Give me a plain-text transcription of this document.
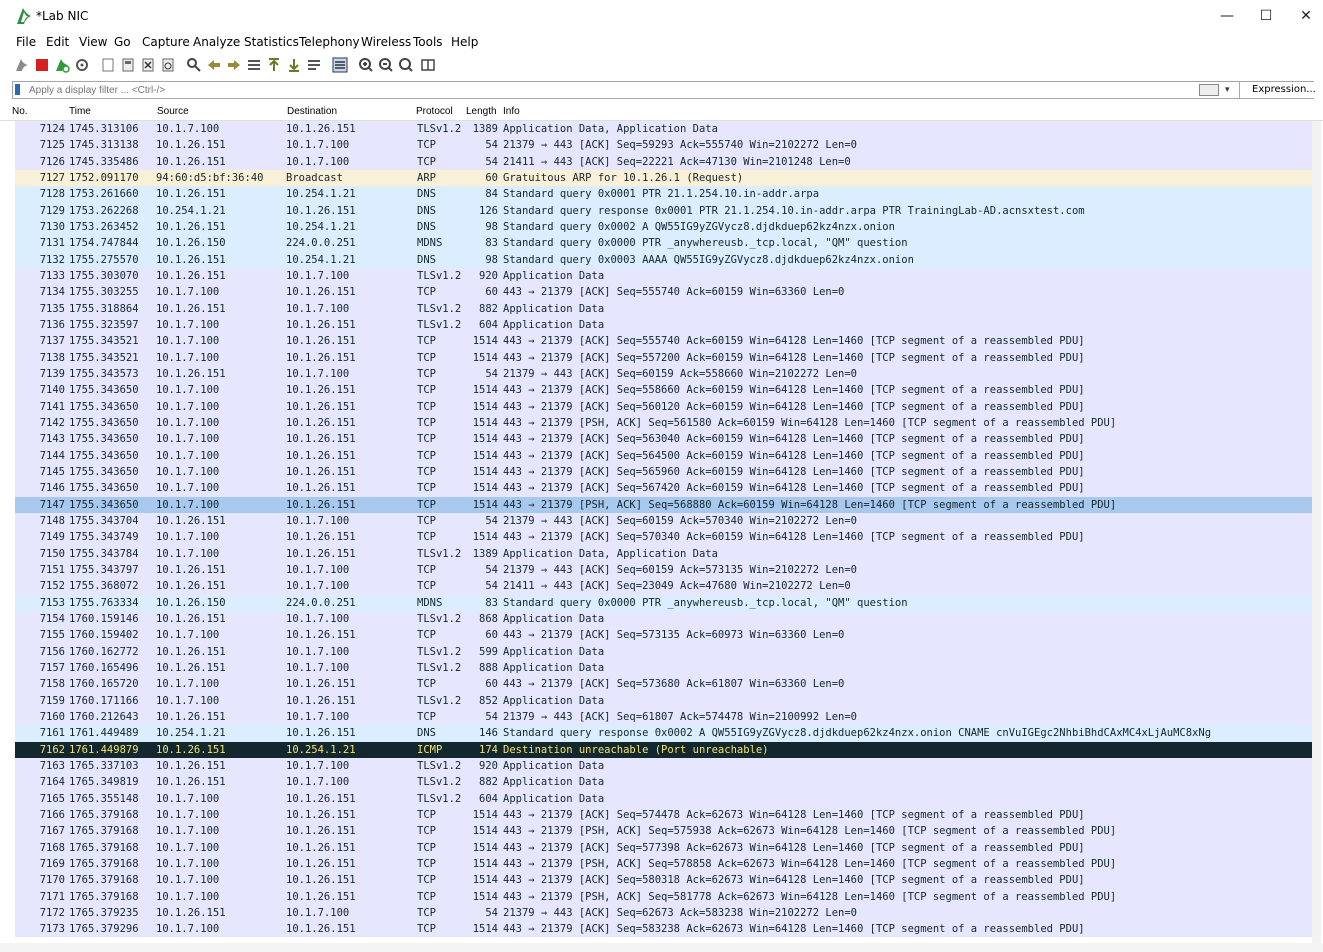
*Lab NIC	—	☐	✕
File Edit View Go Capture Analyze Statistics Telephony Wireless Tools Help
Apply a display filter ... <Ctrl-/>
▾	Expression...
No.	Time	Source	Destination	Protocol Length Info
7124 1745.313106 10.1.7.100	10.1.26.151	TLSv1.2	1389 Application Data, Application Data
7125 1745.313138 10.1.26.151	10.1.7.100	TCP	54 21379 → 443 [ACK] Seq=59293 Ack=555740 Win=2102272 Len=0
7126 1745.335486 10.1.26.151	10.1.7.100	TCP	54 21411 → 443 [ACK] Seq=22221 Ack=47130 Win=2101248 Len=0
7127 1752.091170 94:60:d5:bf:36:40 Broadcast	ARP	60 Gratuitous ARP for 10.1.26.1 (Request)
7128 1753.261660 10.1.26.151	10.254.1.21	DNS	84 Standard query 0x0001 PTR 21.1.254.10.in-addr.arpa
7129 1753.262268 10.254.1.21	10.1.26.151	DNS	126 Standard query response 0x0001 PTR 21.1.254.10.in-addr.arpa PTR TrainingLab-AD.acnsxtest.com
7130 1753.263452 10.1.26.151	10.254.1.21	DNS	98 Standard query 0x0002 A QW55IG9yZGVycz8.djdkduep62kz4nzx.onion
7131 1754.747844 10.1.26.150	224.0.0.251	MDNS	83 Standard query 0x0000 PTR _anywhereusb._tcp.local, "QM" question
7132 1755.275570 10.1.26.151	10.254.1.21	DNS	98 Standard query 0x0003 AAAA QW55IG9yZGVycz8.djdkduep62kz4nzx.onion
7133 1755.303070 10.1.26.151	10.1.7.100	TLSv1.2	920 Application Data
7134 1755.303255 10.1.7.100	10.1.26.151	TCP	60 443 → 21379 [ACK] Seq=555740 Ack=60159 Win=63360 Len=0
7135 1755.318864 10.1.26.151	10.1.7.100	TLSv1.2	882 Application Data
7136 1755.323597 10.1.7.100	10.1.26.151	TLSv1.2	604 Application Data
7137 1755.343521 10.1.7.100	10.1.26.151	TCP	1514 443 → 21379 [ACK] Seq=555740 Ack=60159 Win=64128 Len=1460 [TCP segment of a reassembled PDU]
7138 1755.343521 10.1.7.100	10.1.26.151	TCP	1514 443 → 21379 [ACK] Seq=557200 Ack=60159 Win=64128 Len=1460 [TCP segment of a reassembled PDU]
7139 1755.343573 10.1.26.151	10.1.7.100	TCP	54 21379 → 443 [ACK] Seq=60159 Ack=558660 Win=2102272 Len=0
7140 1755.343650 10.1.7.100	10.1.26.151	TCP	1514 443 → 21379 [ACK] Seq=558660 Ack=60159 Win=64128 Len=1460 [TCP segment of a reassembled PDU]
7141 1755.343650 10.1.7.100	10.1.26.151	TCP	1514 443 → 21379 [ACK] Seq=560120 Ack=60159 Win=64128 Len=1460 [TCP segment of a reassembled PDU]
7142 1755.343650 10.1.7.100	10.1.26.151	TCP	1514 443 → 21379 [PSH, ACK] Seq=561580 Ack=60159 Win=64128 Len=1460 [TCP segment of a reassembled PDU]
7143 1755.343650 10.1.7.100	10.1.26.151	TCP	1514 443 → 21379 [ACK] Seq=563040 Ack=60159 Win=64128 Len=1460 [TCP segment of a reassembled PDU]
7144 1755.343650 10.1.7.100	10.1.26.151	TCP	1514 443 → 21379 [ACK] Seq=564500 Ack=60159 Win=64128 Len=1460 [TCP segment of a reassembled PDU]
7145 1755.343650 10.1.7.100	10.1.26.151	TCP	1514 443 → 21379 [ACK] Seq=565960 Ack=60159 Win=64128 Len=1460 [TCP segment of a reassembled PDU]
7146 1755.343650 10.1.7.100	10.1.26.151	TCP	1514 443 → 21379 [ACK] Seq=567420 Ack=60159 Win=64128 Len=1460 [TCP segment of a reassembled PDU]
7147 1755.343650 10.1.7.100	10.1.26.151	TCP	1514 443 → 21379 [PSH, ACK] Seq=568880 Ack=60159 Win=64128 Len=1460 [TCP segment of a reassembled PDU]
7148 1755.343704 10.1.26.151	10.1.7.100	TCP	54 21379 → 443 [ACK] Seq=60159 Ack=570340 Win=2102272 Len=0
7149 1755.343749 10.1.7.100	10.1.26.151	TCP	1514 443 → 21379 [ACK] Seq=570340 Ack=60159 Win=64128 Len=1460 [TCP segment of a reassembled PDU]
7150 1755.343784 10.1.7.100	10.1.26.151	TLSv1.2	1389 Application Data, Application Data
7151 1755.343797 10.1.26.151	10.1.7.100	TCP	54 21379 → 443 [ACK] Seq=60159 Ack=573135 Win=2102272 Len=0
7152 1755.368072 10.1.26.151	10.1.7.100	TCP	54 21411 → 443 [ACK] Seq=23049 Ack=47680 Win=2102272 Len=0
7153 1755.763334 10.1.26.150	224.0.0.251	MDNS	83 Standard query 0x0000 PTR _anywhereusb._tcp.local, "QM" question
7154 1760.159146 10.1.26.151	10.1.7.100	TLSv1.2	868 Application Data
7155 1760.159402 10.1.7.100	10.1.26.151	TCP	60 443 → 21379 [ACK] Seq=573135 Ack=60973 Win=63360 Len=0
7156 1760.162772 10.1.26.151	10.1.7.100	TLSv1.2	599 Application Data
7157 1760.165496 10.1.26.151	10.1.7.100	TLSv1.2	888 Application Data
7158 1760.165720 10.1.7.100	10.1.26.151	TCP	60 443 → 21379 [ACK] Seq=573680 Ack=61807 Win=63360 Len=0
7159 1760.171166 10.1.7.100	10.1.26.151	TLSv1.2	852 Application Data
7160 1760.212643 10.1.26.151	10.1.7.100	TCP	54 21379 → 443 [ACK] Seq=61807 Ack=574478 Win=2100992 Len=0
7161 1761.449489 10.254.1.21	10.1.26.151	DNS	146 Standard query response 0x0002 A QW55IG9yZGVycz8.djdkduep62kz4nzx.onion CNAME cnVuIGEgc2NhbiBhdCAxMC4xLjAuMC8xNg
7162 1761.449879 10.1.26.151	10.254.1.21	ICMP	174 Destination unreachable (Port unreachable)
7163 1765.337103 10.1.26.151	10.1.7.100	TLSv1.2	920 Application Data
7164 1765.349819 10.1.26.151	10.1.7.100	TLSv1.2	882 Application Data
7165 1765.355148 10.1.7.100	10.1.26.151	TLSv1.2	604 Application Data
7166 1765.379168 10.1.7.100	10.1.26.151	TCP	1514 443 → 21379 [ACK] Seq=574478 Ack=62673 Win=64128 Len=1460 [TCP segment of a reassembled PDU]
7167 1765.379168 10.1.7.100	10.1.26.151	TCP	1514 443 → 21379 [PSH, ACK] Seq=575938 Ack=62673 Win=64128 Len=1460 [TCP segment of a reassembled PDU]
7168 1765.379168 10.1.7.100	10.1.26.151	TCP	1514 443 → 21379 [ACK] Seq=577398 Ack=62673 Win=64128 Len=1460 [TCP segment of a reassembled PDU]
7169 1765.379168 10.1.7.100	10.1.26.151	TCP	1514 443 → 21379 [PSH, ACK] Seq=578858 Ack=62673 Win=64128 Len=1460 [TCP segment of a reassembled PDU]
7170 1765.379168 10.1.7.100	10.1.26.151	TCP	1514 443 → 21379 [ACK] Seq=580318 Ack=62673 Win=64128 Len=1460 [TCP segment of a reassembled PDU]
7171 1765.379168 10.1.7.100	10.1.26.151	TCP	1514 443 → 21379 [PSH, ACK] Seq=581778 Ack=62673 Win=64128 Len=1460 [TCP segment of a reassembled PDU]
7172 1765.379235 10.1.26.151	10.1.7.100	TCP	54 21379 → 443 [ACK] Seq=62673 Ack=583238 Win=2102272 Len=0
7173 1765.379296 10.1.7.100	10.1.26.151	TCP	1514 443 → 21379 [ACK] Seq=583238 Ack=62673 Win=64128 Len=1460 [TCP segment of a reassembled PDU]
